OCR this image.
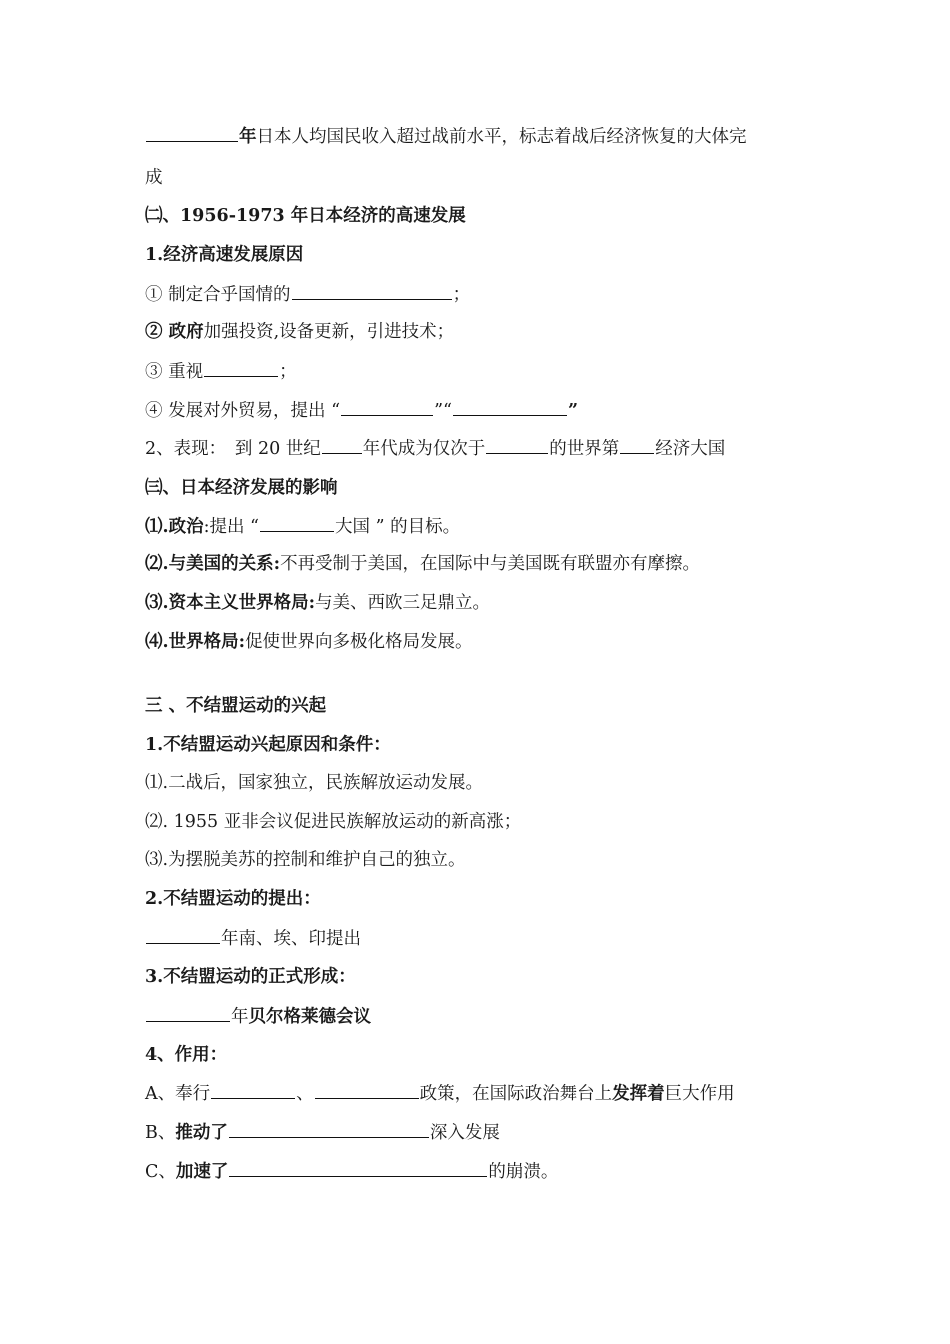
年日本人均国民收入超过战前水平，标志着战后经济恢复的大体完
成
㈡、1956-1973 年日本经济的高速发展
1.经济高速发展原因
① 制定合乎国情的	；
② 政府加强投资,设备更新，引进技术；
③ 重视	；
④ 发展对外贸易，提出 “	”“	”
2、表现：　到 20 世纪 年代成为仅次于	的世界第 经济大国
㈢、日本经济发展的影响
⑴.政治:提出 “	大国 ” 的目标。
⑵.与美国的关系:不再受制于美国，在国际中与美国既有联盟亦有摩擦。
⑶.资本主义世界格局:与美、西欧三足鼎立。
⑷.世界格局:促使世界向多极化格局发展。
三 、不结盟运动的兴起
1.不结盟运动兴起原因和条件：
⑴.二战后，国家独立，民族解放运动发展。
⑵. 1955 亚非会议促进民族解放运动的新高涨；
⑶.为摆脱美苏的控制和维护自己的独立。
2.不结盟运动的提出：
年南、埃、印提出
3.不结盟运动的正式形成：
年贝尔格莱德会议
4、作用：
A、奉行	、	政策，在国际政治舞台上发挥着巨大作用
B、推动了	深入发展
C、加速了	的崩溃。
